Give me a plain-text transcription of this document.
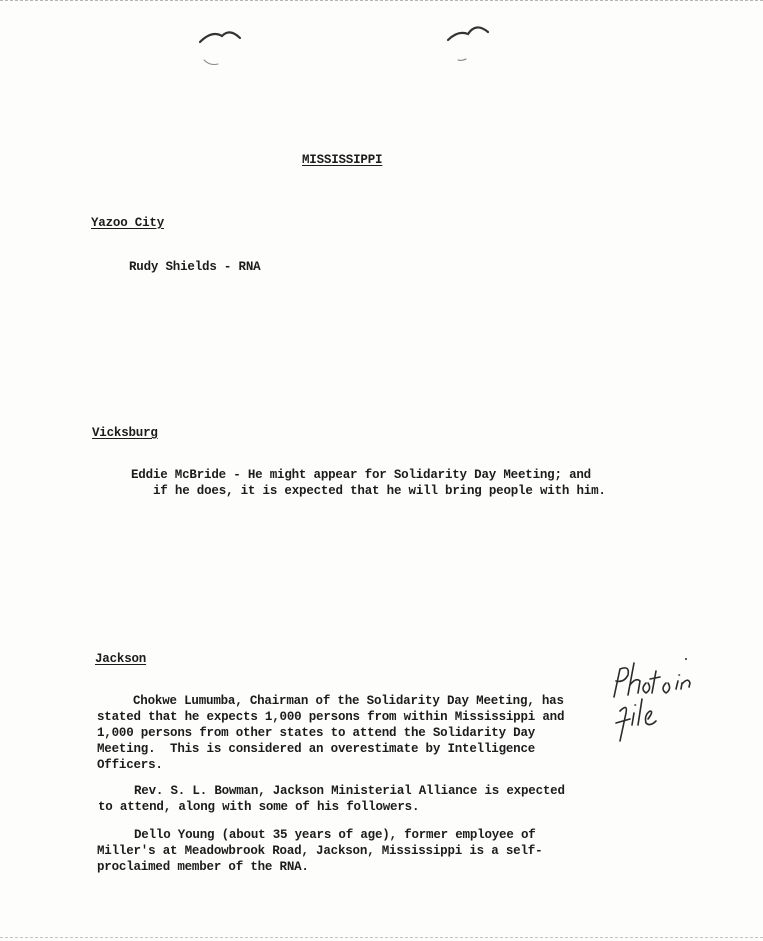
MISSISSIPPI
Yazoo City
Rudy Shields - RNA
Vicksburg
Eddie McBride - He might appear for Solidarity Day Meeting; and
if he does, it is expected that he will bring people with him.
Jackson
Chokwe Lumumba, Chairman of the Solidarity Day Meeting, has
stated that he expects 1,000 persons from within Mississippi and
1,000 persons from other states to attend the Solidarity Day
Meeting.  This is considered an overestimate by Intelligence
Officers.
Rev. S. L. Bowman, Jackson Ministerial Alliance is expected
to attend, along with some of his followers.
Dello Young (about 35 years of age), former employee of
Miller's at Meadowbrook Road, Jackson, Mississippi is a self-
proclaimed member of the RNA.
